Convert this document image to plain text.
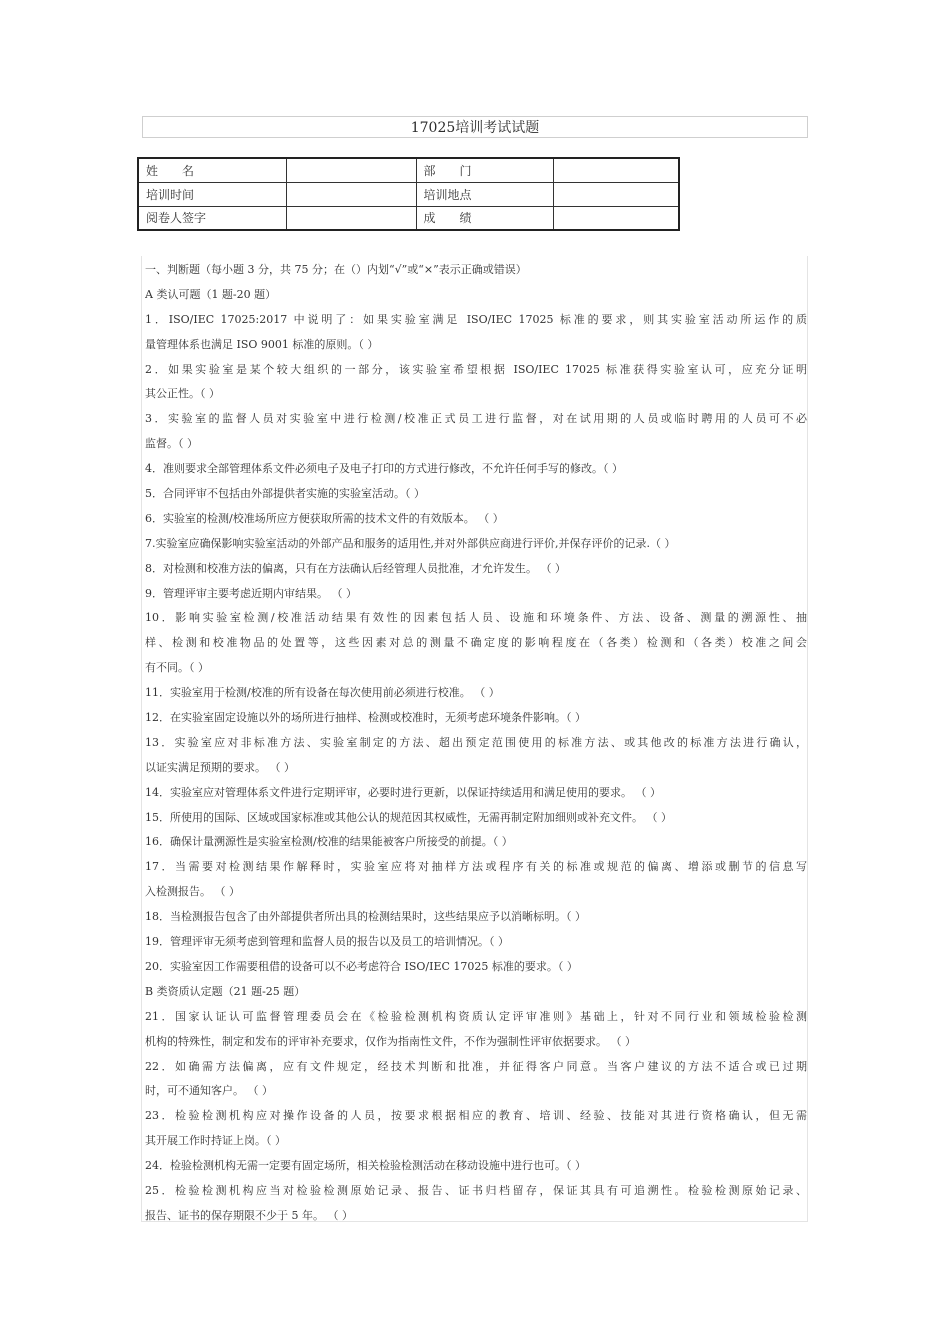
17025培训考试试题
姓　　名		部　　门	
培训时间		培训地点	
阅卷人签字		成　　绩	
一、判断题（每小题 3 分，共 75 分；在（）内划“√”或“×”表示正确或错误）
A 类认可题（1 题-20 题）
1．ISO/IEC 17025:2017 中说明了：如果实验室满足 ISO/IEC 17025 标准的要求，则其实验室活动所运作的质
量管理体系也满足 ISO 9001 标准的原则。（ ）
2．如果实验室是某个较大组织的一部分，该实验室希望根据 ISO/IEC 17025 标准获得实验室认可，应充分证明
其公正性。（ ）
3．实验室的监督人员对实验室中进行检测/校准正式员工进行监督，对在试用期的人员或临时聘用的人员可不必
监督。（ ）
4．准则要求全部管理体系文件必须电子及电子打印的方式进行修改，不允许任何手写的修改。（ ）
5．合同评审不包括由外部提供者实施的实验室活动。（ ）
6．实验室的检测/校准场所应方便获取所需的技术文件的有效版本。 （ ）
7.实验室应确保影响实验室活动的外部产品和服务的适用性,并对外部供应商进行评价,并保存评价的记录.（ ）
8．对检测和校准方法的偏离，只有在方法确认后经管理人员批准，才允许发生。 （ ）
9．管理评审主要考虑近期内审结果。 （ ）
10．影响实验室检测/校准活动结果有效性的因素包括人员、设施和环境条件、方法、设备、测量的溯源性、抽
样、检测和校准物品的处置等，这些因素对总的测量不确定度的影响程度在（各类）检测和（各类）校准之间会
有不同。（ ）
11．实验室用于检测/校准的所有设备在每次使用前必须进行校准。 （ ）
12．在实验室固定设施以外的场所进行抽样、检测或校准时，无须考虑环境条件影响。（ ）
13．实验室应对非标准方法、实验室制定的方法、超出预定范围使用的标准方法、或其他改的标准方法进行确认，
以证实满足预期的要求。 （ ）
14．实验室应对管理体系文件进行定期评审，必要时进行更新，以保证持续适用和满足使用的要求。 （ ）
15．所使用的国际、区域或国家标准或其他公认的规范因其权威性，无需再制定附加细则或补充文件。 （ ）
16．确保计量溯源性是实验室检测/校准的结果能被客户所接受的前提。（ ）
17．当需要对检测结果作解释时，实验室应将对抽样方法或程序有关的标准或规范的偏离、增添或删节的信息写
入检测报告。 （ ）
18．当检测报告包含了由外部提供者所出具的检测结果时，这些结果应予以消晰标明。（ ）
19．管理评审无须考虑到管理和监督人员的报告以及员工的培训情况。（ ）
20．实验室因工作需要租借的设备可以不必考虑符合 ISO/IEC 17025 标准的要求。（ ）
B 类资质认定题（21 题-25 题）
21．国家认证认可监督管理委员会在《检验检测机构资质认定评审准则》基础上，针对不同行业和领域检验检测
机构的特殊性，制定和发布的评审补充要求，仅作为指南性文件，不作为强制性评审依据要求。 （ ）
22．如确需方法偏离，应有文件规定，经技术判断和批准，并征得客户同意。当客户建议的方法不适合或已过期
时，可不通知客户。 （ ）
23．检验检测机构应对操作设备的人员，按要求根据相应的教育、培训、经验、技能对其进行资格确认，但无需
其开展工作时持证上岗。（ ）
24．检验检测机构无需一定要有固定场所，相关检验检测活动在移动设施中进行也可。（ ）
25．检验检测机构应当对检验检测原始记录、报告、证书归档留存，保证其具有可追溯性。检验检测原始记录、
报告、证书的保存期限不少于 5 年。 （ ）
